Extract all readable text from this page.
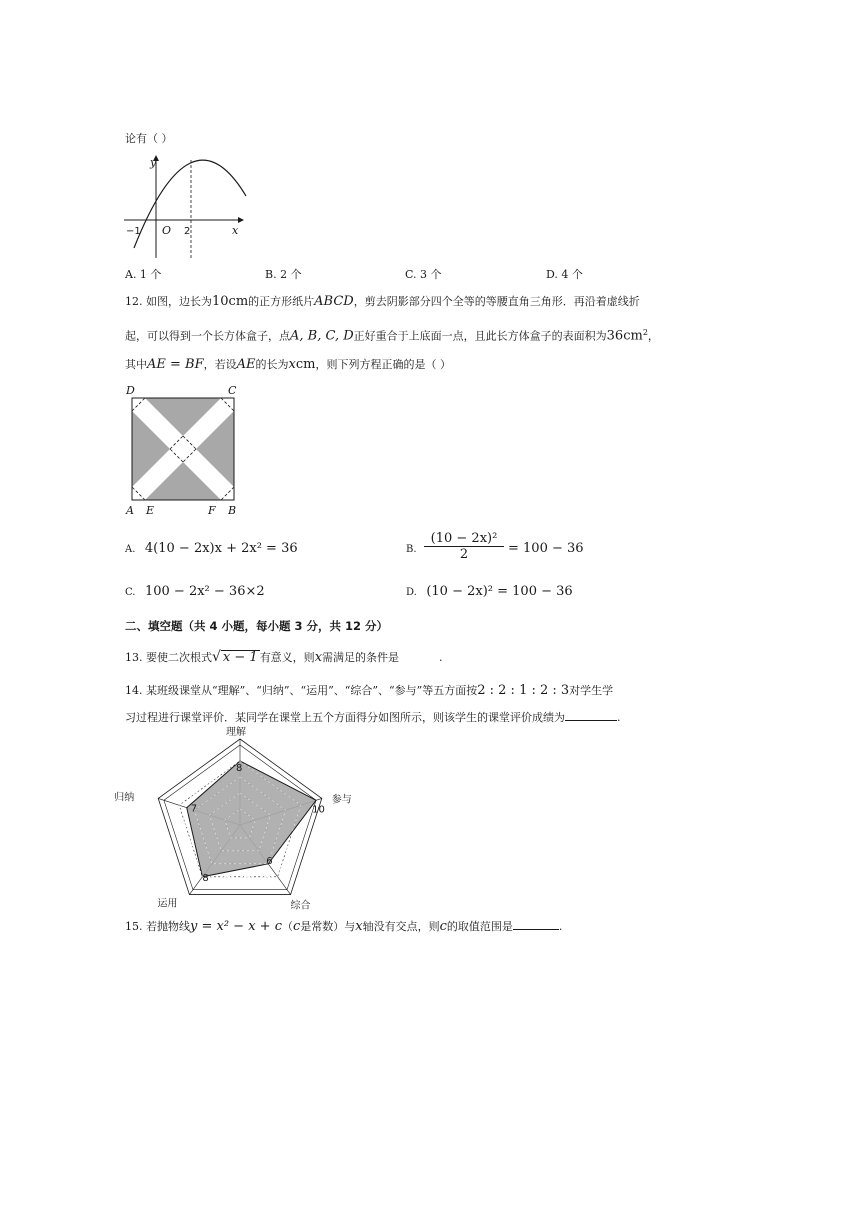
论有（ ）
y
x
O
−1	2
A. 1 个	B. 2 个	C. 3 个	D. 4 个
12. 如图，边长为10cm的正方形纸片ABCD，剪去阴影部分四个全等的等腰直角三角形．再沿着虚线折
起，可以得到一个长方体盒子，点A, B, C, D正好重合于上底面一点，且此长方体盒子的表面积为$36cm^2$，
其中AE = BF，若设AE的长为xcm，则下列方程正确的是（ ）
D	C
A E	F B
A. 4(10 − 2x)x + 2x² = 36	B. $\frac{\text{(10 − 2x)²}}{2} = 100 - 36$
C. 100 − 2x² − 36×2	D. (10 − 2x)² = 100 − 36
二、填空题（共 4 小题，每小题 3 分，共 12 分）
13. 要使二次根式√ x − 1 有意义，则x需满足的条件是	.
14. 某班级课堂从“理解”、“归纳”、“运用”、“综合”、“参与”等五方面按2 : 2 : 1 : 2 : 3对学生学
习过程进行课堂评价．某同学在课堂上五个方面得分如图所示，则该学生的课堂评价成绩为	.
理解
参与
综合
运用
归纳
8
10
6
8
7
15. 若抛物线y = x² − x + c（c是常数）与x轴没有交点，则c的取值范围是	.
